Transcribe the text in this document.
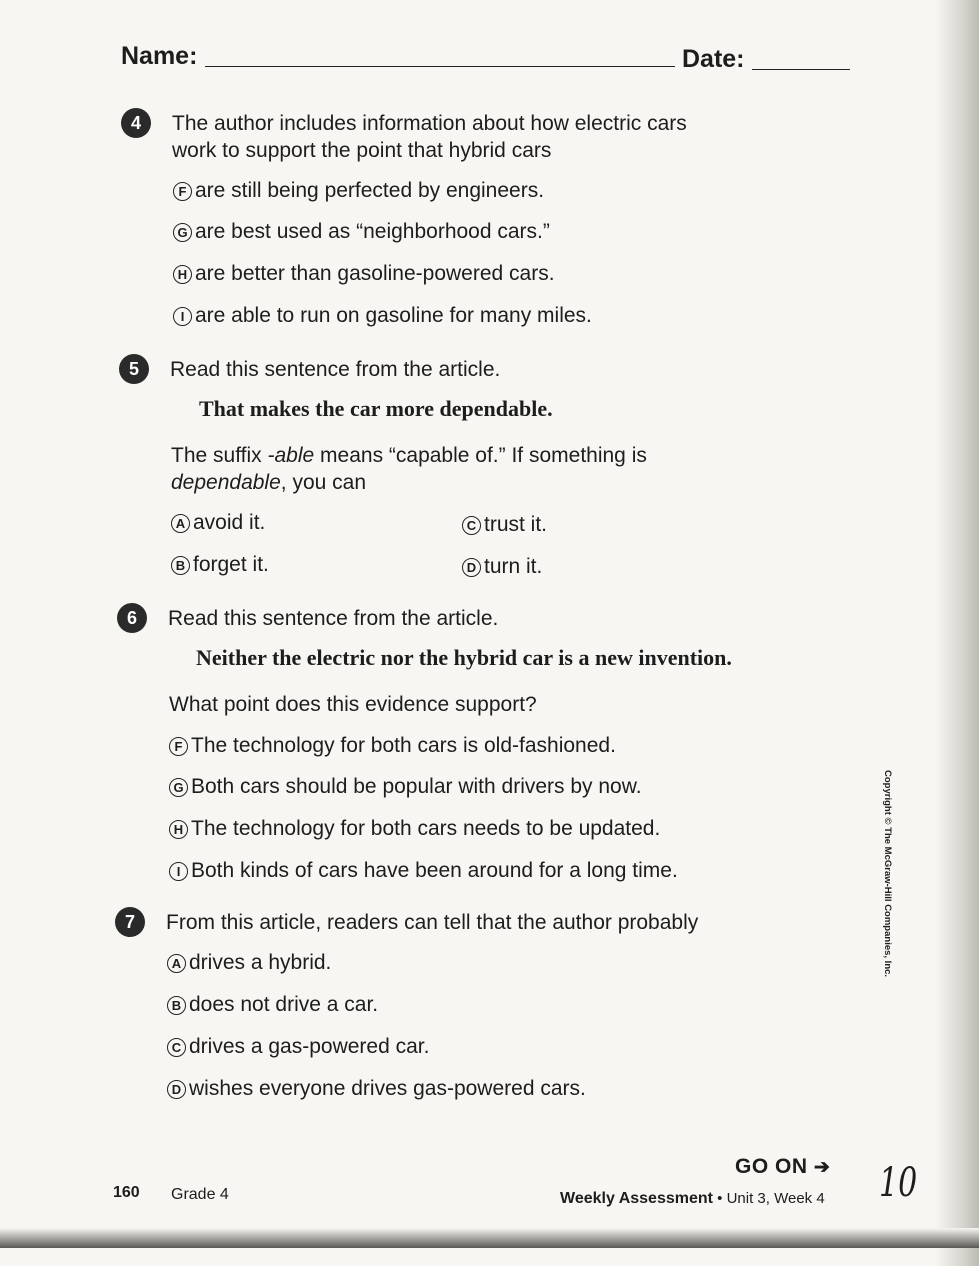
Name:	Date:
4	The author includes information about how electric cars
work to support the point that hybrid cars
F are still being perfected by engineers.
G are best used as “neighborhood cars.”
H are better than gasoline-powered cars.
I are able to run on gasoline for many miles.
5	Read this sentence from the article.
That makes the car more dependable.
The suffix -able means “capable of.” If something is
dependable, you can
A avoid it.	C trust it.
B forget it.	D turn it.
6	Read this sentence from the article.
Neither the electric nor the hybrid car is a new invention.
What point does this evidence support?
F The technology for both cars is old-fashioned.
G Both cars should be popular with drivers by now.
H The technology for both cars needs to be updated.
I Both kinds of cars have been around for a long time.
7	From this article, readers can tell that the author probably
A drives a hybrid.
B does not drive a car.
C drives a gas-powered car.
D wishes everyone drives gas-powered cars.
Copyright © The McGraw-Hill Companies, Inc.
160 Grade 4
GO ON ➔
Weekly Assessment • Unit 3, Week 4 10
